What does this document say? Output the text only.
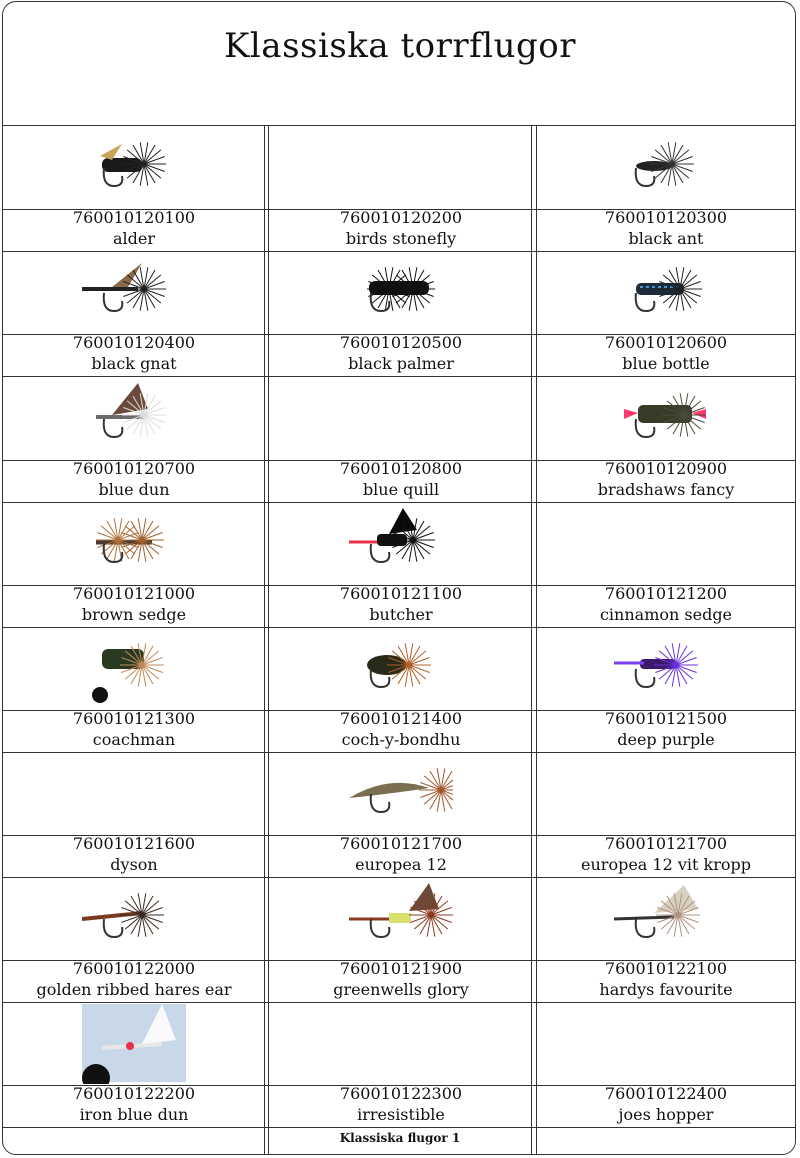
Klassiska torrflugor
760010120100
alder
760010120200
birds stonefly
760010120300
black ant
760010120400
black gnat
760010120500
black palmer
760010120600
blue bottle
760010120700
blue dun
760010120800
blue quill
760010120900
bradshaws fancy
760010121000
brown sedge
760010121100
butcher
760010121200
cinnamon sedge
760010121300
coachman
760010121400
coch-y-bondhu
760010121500
deep purple
760010121600
dyson
760010121700
europea 12
760010121700
europea 12 vit kropp
760010122000
golden ribbed hares ear
760010121900
greenwells glory
760010122100
hardys favourite
760010122200
iron blue dun
760010122300
irresistible
760010122400
joes hopper
Klassiska flugor 1
